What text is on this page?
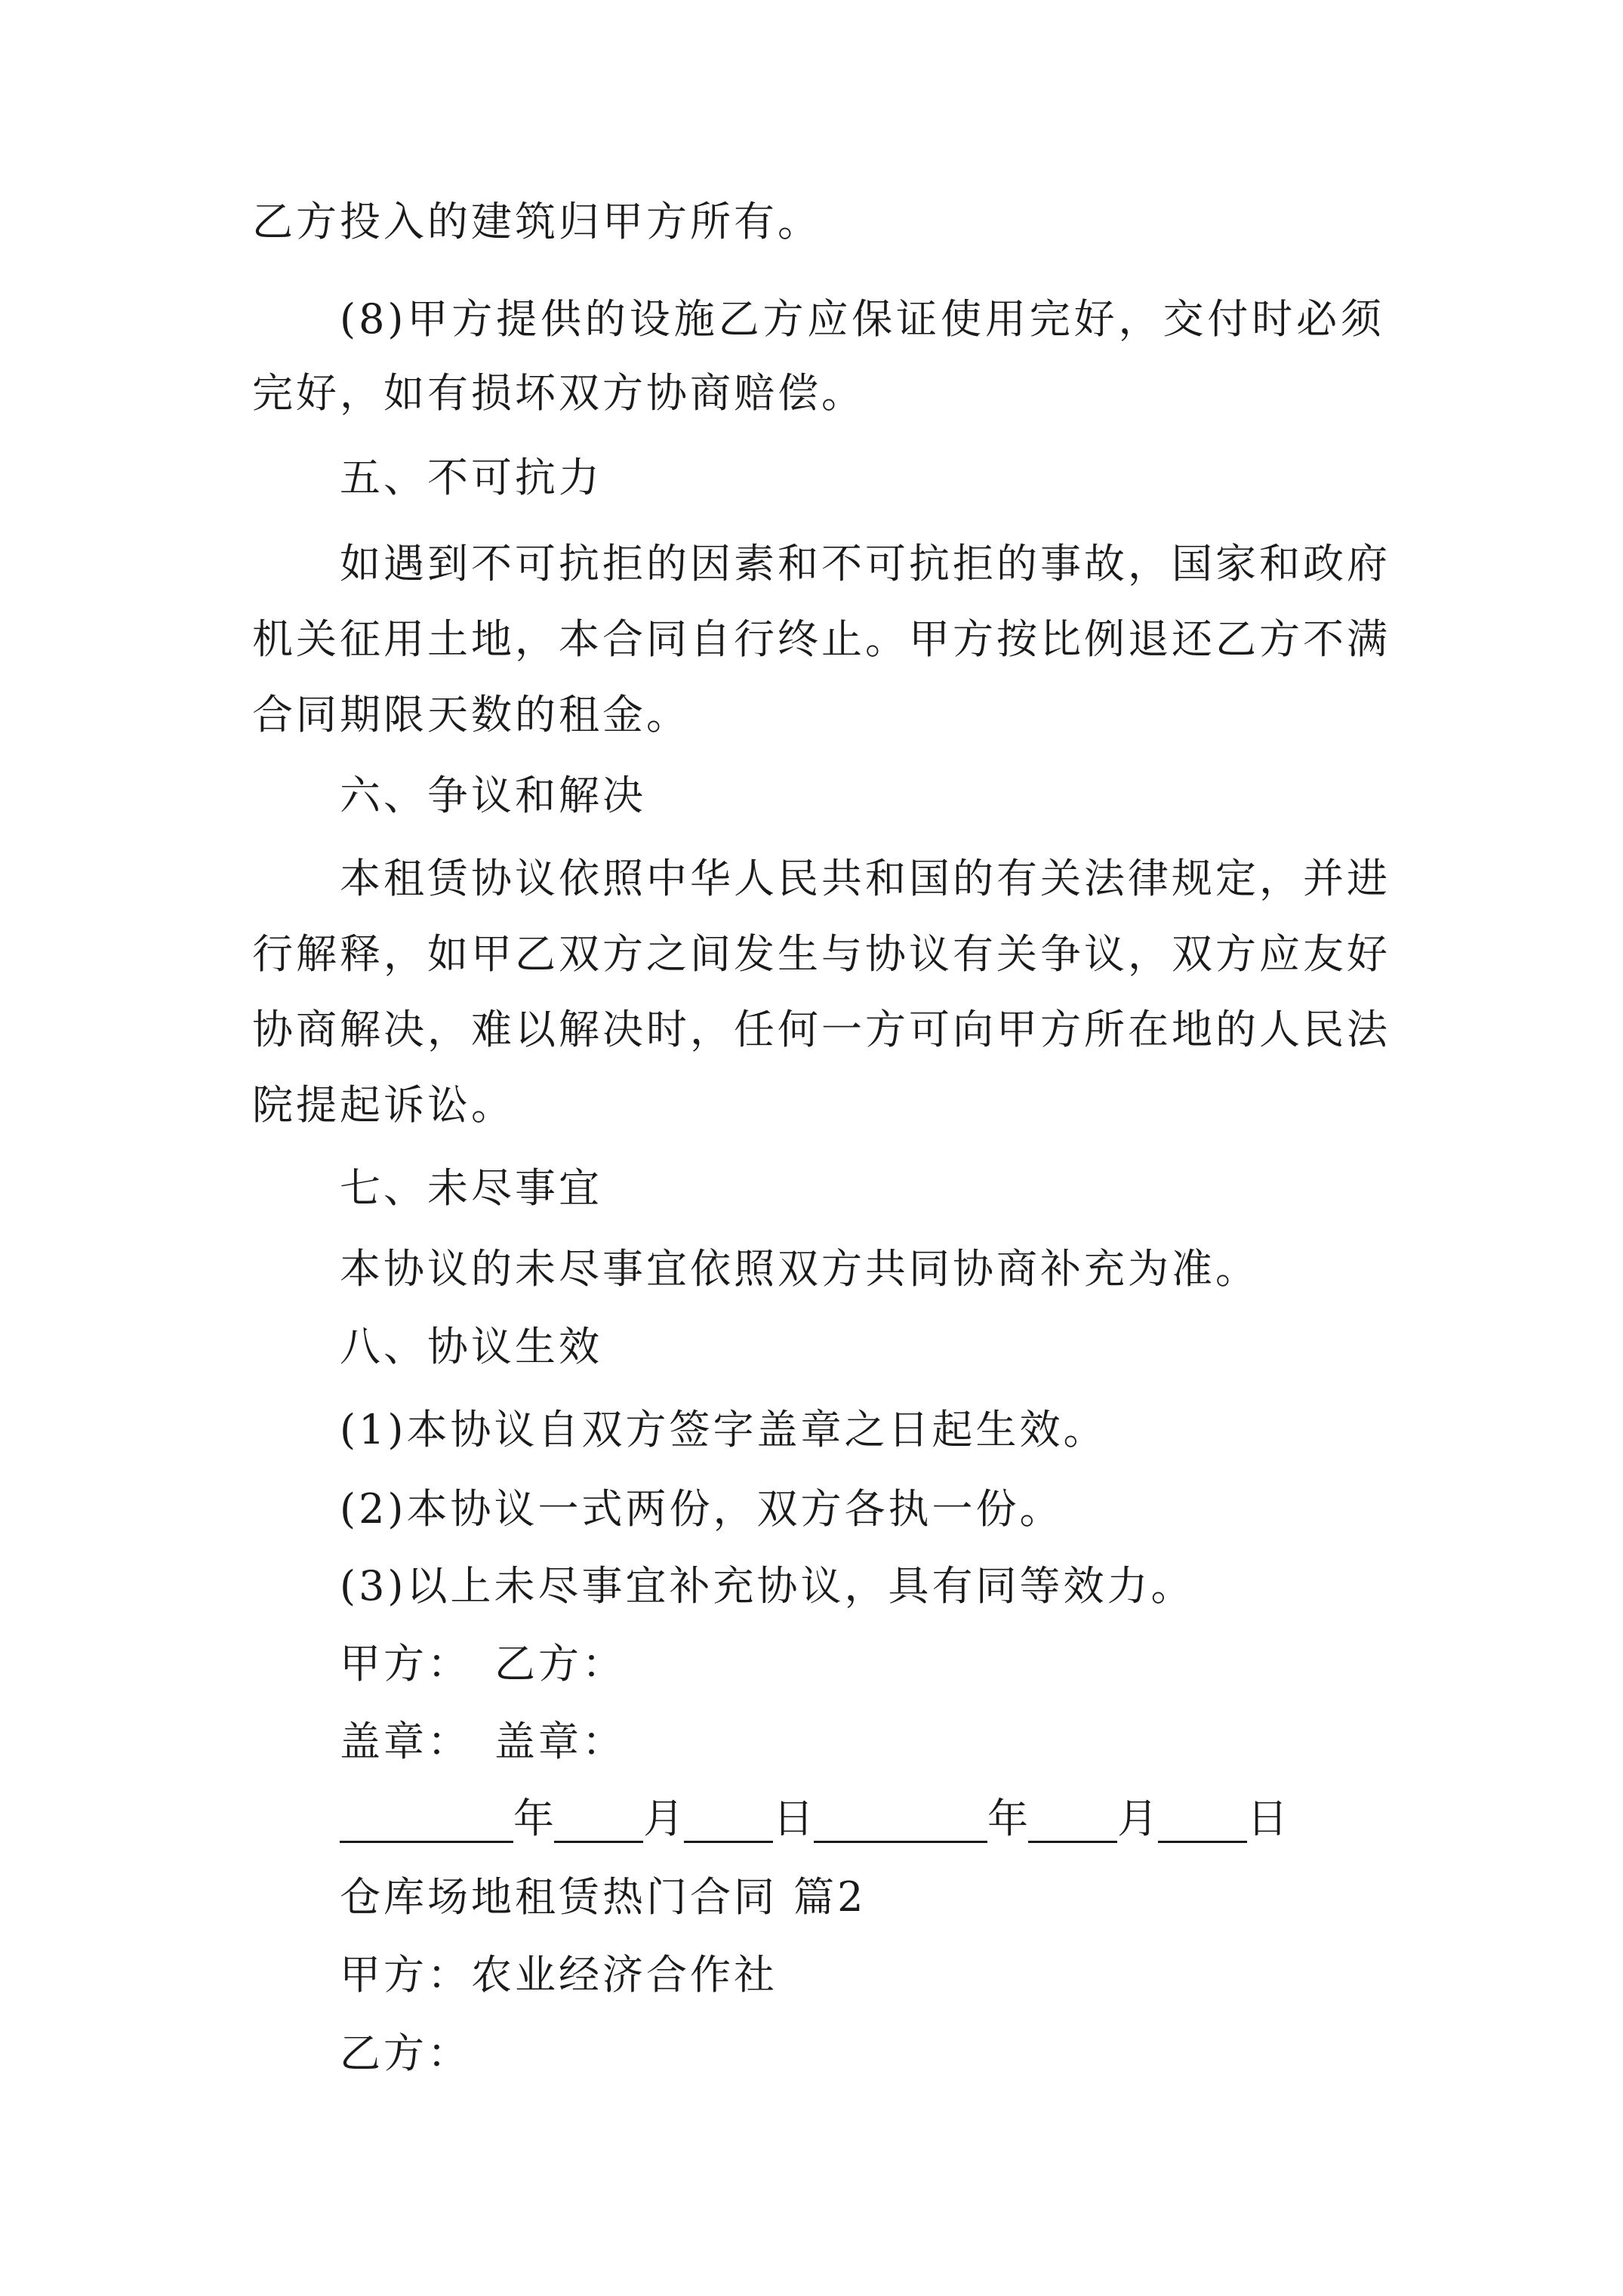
乙方投入的建筑归甲方所有。
(8)甲方提供的设施乙方应保证使用完好，交付时必须
完好，如有损坏双方协商赔偿。
五、不可抗力
如遇到不可抗拒的因素和不可抗拒的事故，国家和政府
机关征用土地，本合同自行终止。甲方按比例退还乙方不满
合同期限天数的租金。
六、争议和解决
本租赁协议依照中华人民共和国的有关法律规定，并进
行解释，如甲乙双方之间发生与协议有关争议，双方应友好
协商解决，难以解决时，任何一方可向甲方所在地的人民法
院提起诉讼。
七、未尽事宜
本协议的未尽事宜依照双方共同协商补充为准。
八、协议生效
(1)本协议自双方签字盖章之日起生效。
(2)本协议一式两份，双方各执一份。
(3)以上未尽事宜补充协议，具有同等效力。
甲方：　乙方：
盖章：　盖章：
年 月 日	年 月 日
仓库场地租赁热门合同 篇2
甲方：农业经济合作社
乙方：
